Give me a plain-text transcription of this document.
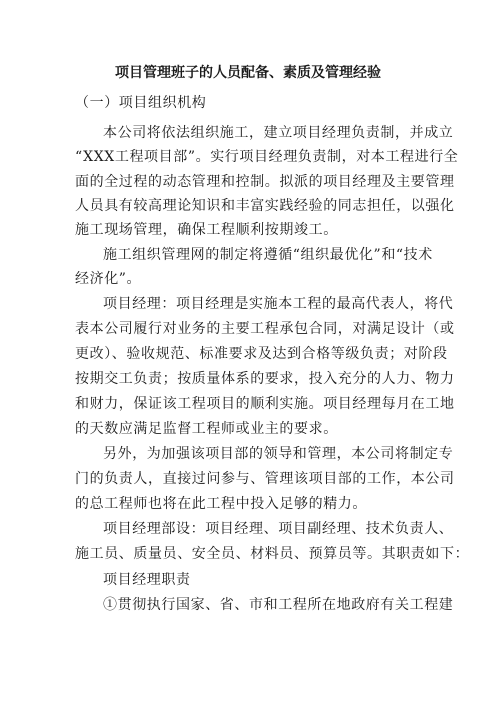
项目管理班子的人员配备、素质及管理经验
（一）项目组织机构
本公司将依法组织施工，建立项目经理负责制，并成立
“XXX工程项目部”。实行项目经理负责制，对本工程进行全
面的全过程的动态管理和控制。拟派的项目经理及主要管理
人员具有较高理论知识和丰富实践经验的同志担任，以强化
施工现场管理，确保工程顺利按期竣工。
施工组织管理网的制定将遵循“组织最优化”和“技术
经济化”。
项目经理：项目经理是实施本工程的最高代表人，将代
表本公司履行对业务的主要工程承包合同，对满足设计（或
更改）、验收规范、标准要求及达到合格等级负责；对阶段
按期交工负责；按质量体系的要求，投入充分的人力、物力
和财力，保证该工程项目的顺利实施。项目经理每月在工地
的天数应满足监督工程师或业主的要求。
另外，为加强该项目部的领导和管理，本公司将制定专
门的负责人，直接过问参与、管理该项目部的工作，本公司
的总工程师也将在此工程中投入足够的精力。
项目经理部设：项目经理、项目副经理、技术负责人、
施工员、质量员、安全员、材料员、预算员等。其职责如下：
项目经理职责
①贯彻执行国家、省、市和工程所在地政府有关工程建
